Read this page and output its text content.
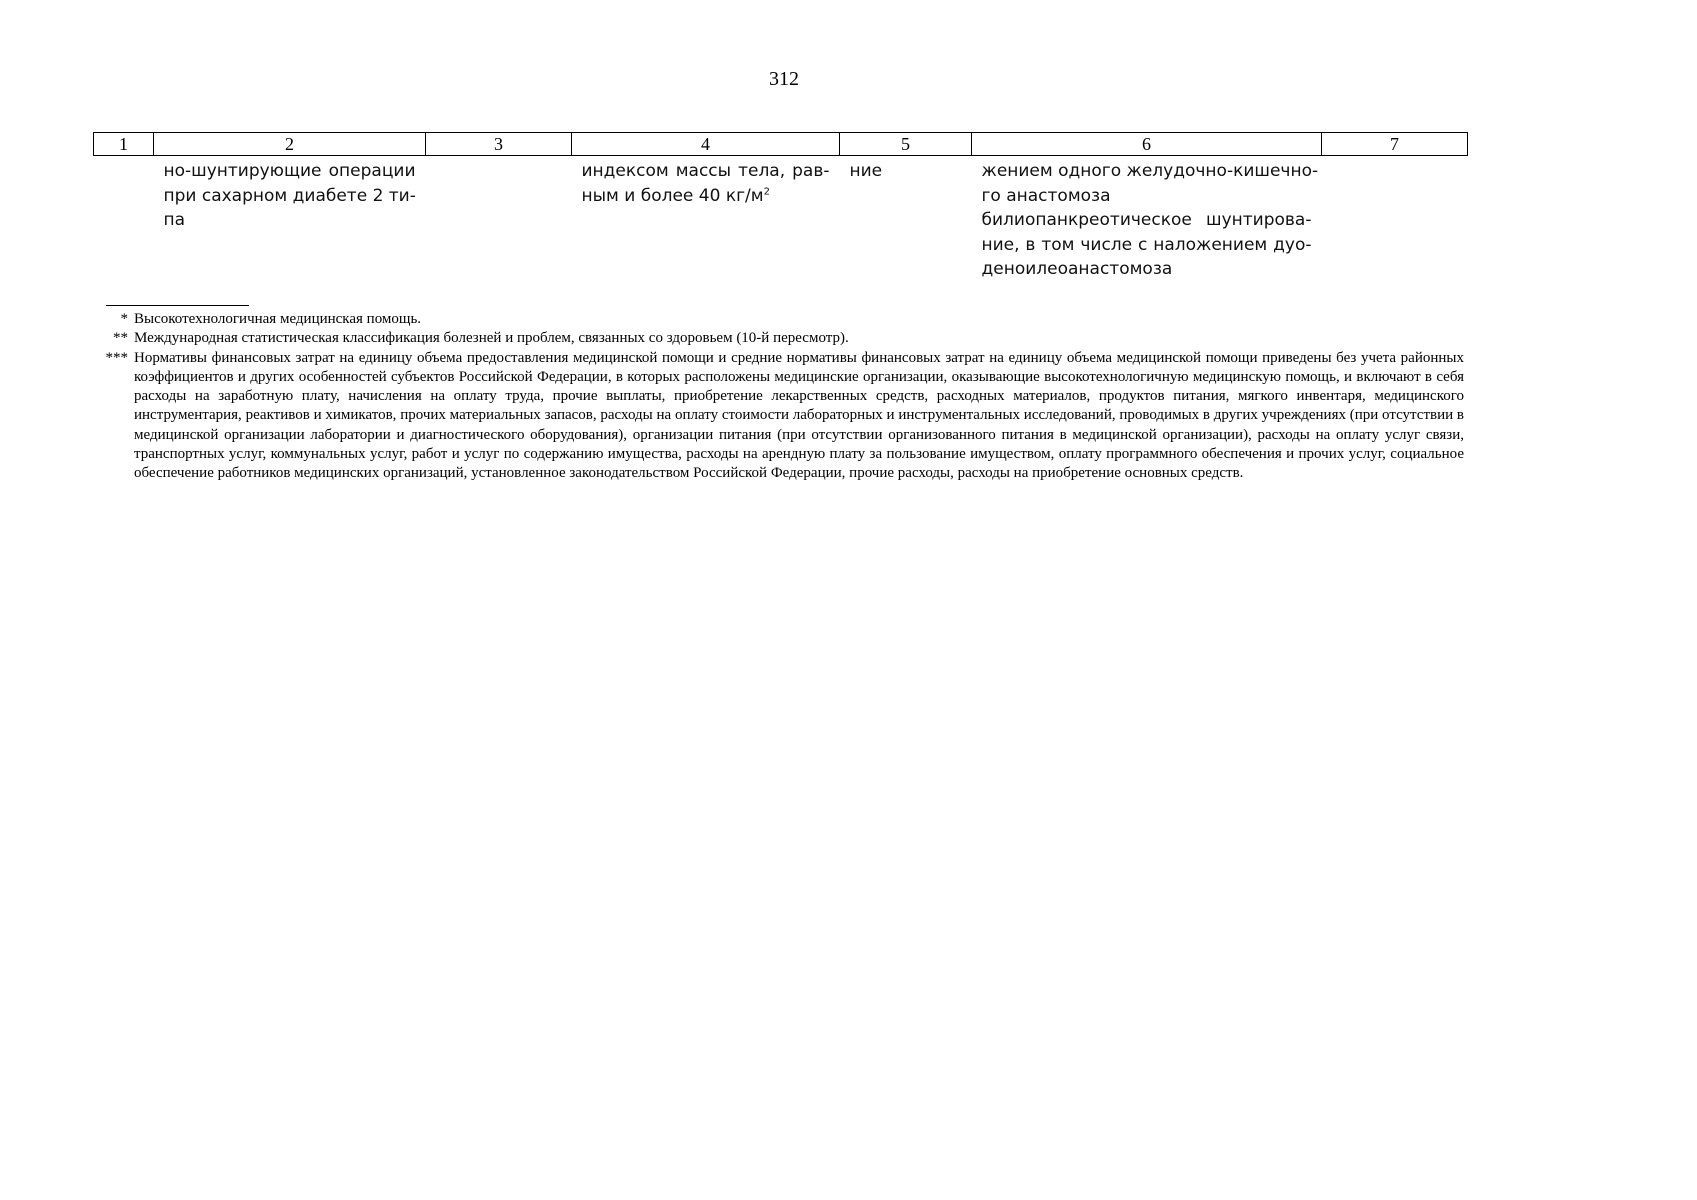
312
1	2	3	4	5	6	7

	но-шунтирующие операции
при сахарном диабете 2 ти-
па		индексом массы тела, рав-
ным и более 40 $кг/м^2$	ние	жением одного желудочно-кишечно-
го анастомоза
билиопанкреотическое шунтирова-
ние, в том числе с наложением дуо-
деноилеоанастомоза	

* Высокотехнологичная медицинская помощь.
** Международная статистическая классификация болезней и проблем, связанных со здоровьем (10-й пересмотр).
*** Нормативы финансовых затрат на единицу объема предоставления медицинской помощи и средние нормативы финансовых затрат на единицу объема медицинской помощи приведены без учета районных коэффициентов и других особенностей субъектов Российской Федерации, в которых расположены медицинские организации, оказывающие высокотехнологичную медицинскую помощь, и включают в себя расходы на заработную плату, начисления на оплату труда, прочие выплаты, приобретение лекарственных средств, расходных материалов, продуктов питания, мягкого инвентаря, медицинского инструментария, реактивов и химикатов, прочих материальных запасов, расходы на оплату стоимости лабораторных и инструментальных исследований, проводимых в других учреждениях (при отсутствии в медицинской организации лаборатории и диагностического оборудования), организации питания (при отсутствии организованного питания в медицинской организации), расходы на оплату услуг связи, транспортных услуг, коммунальных услуг, работ и услуг по содержанию имущества, расходы на арендную плату за пользование имуществом, оплату программного обеспечения и прочих услуг, социальное обеспечение работников медицинских организаций, установленное законодательством Российской Федерации, прочие расходы, расходы на приобретение основных средств.
